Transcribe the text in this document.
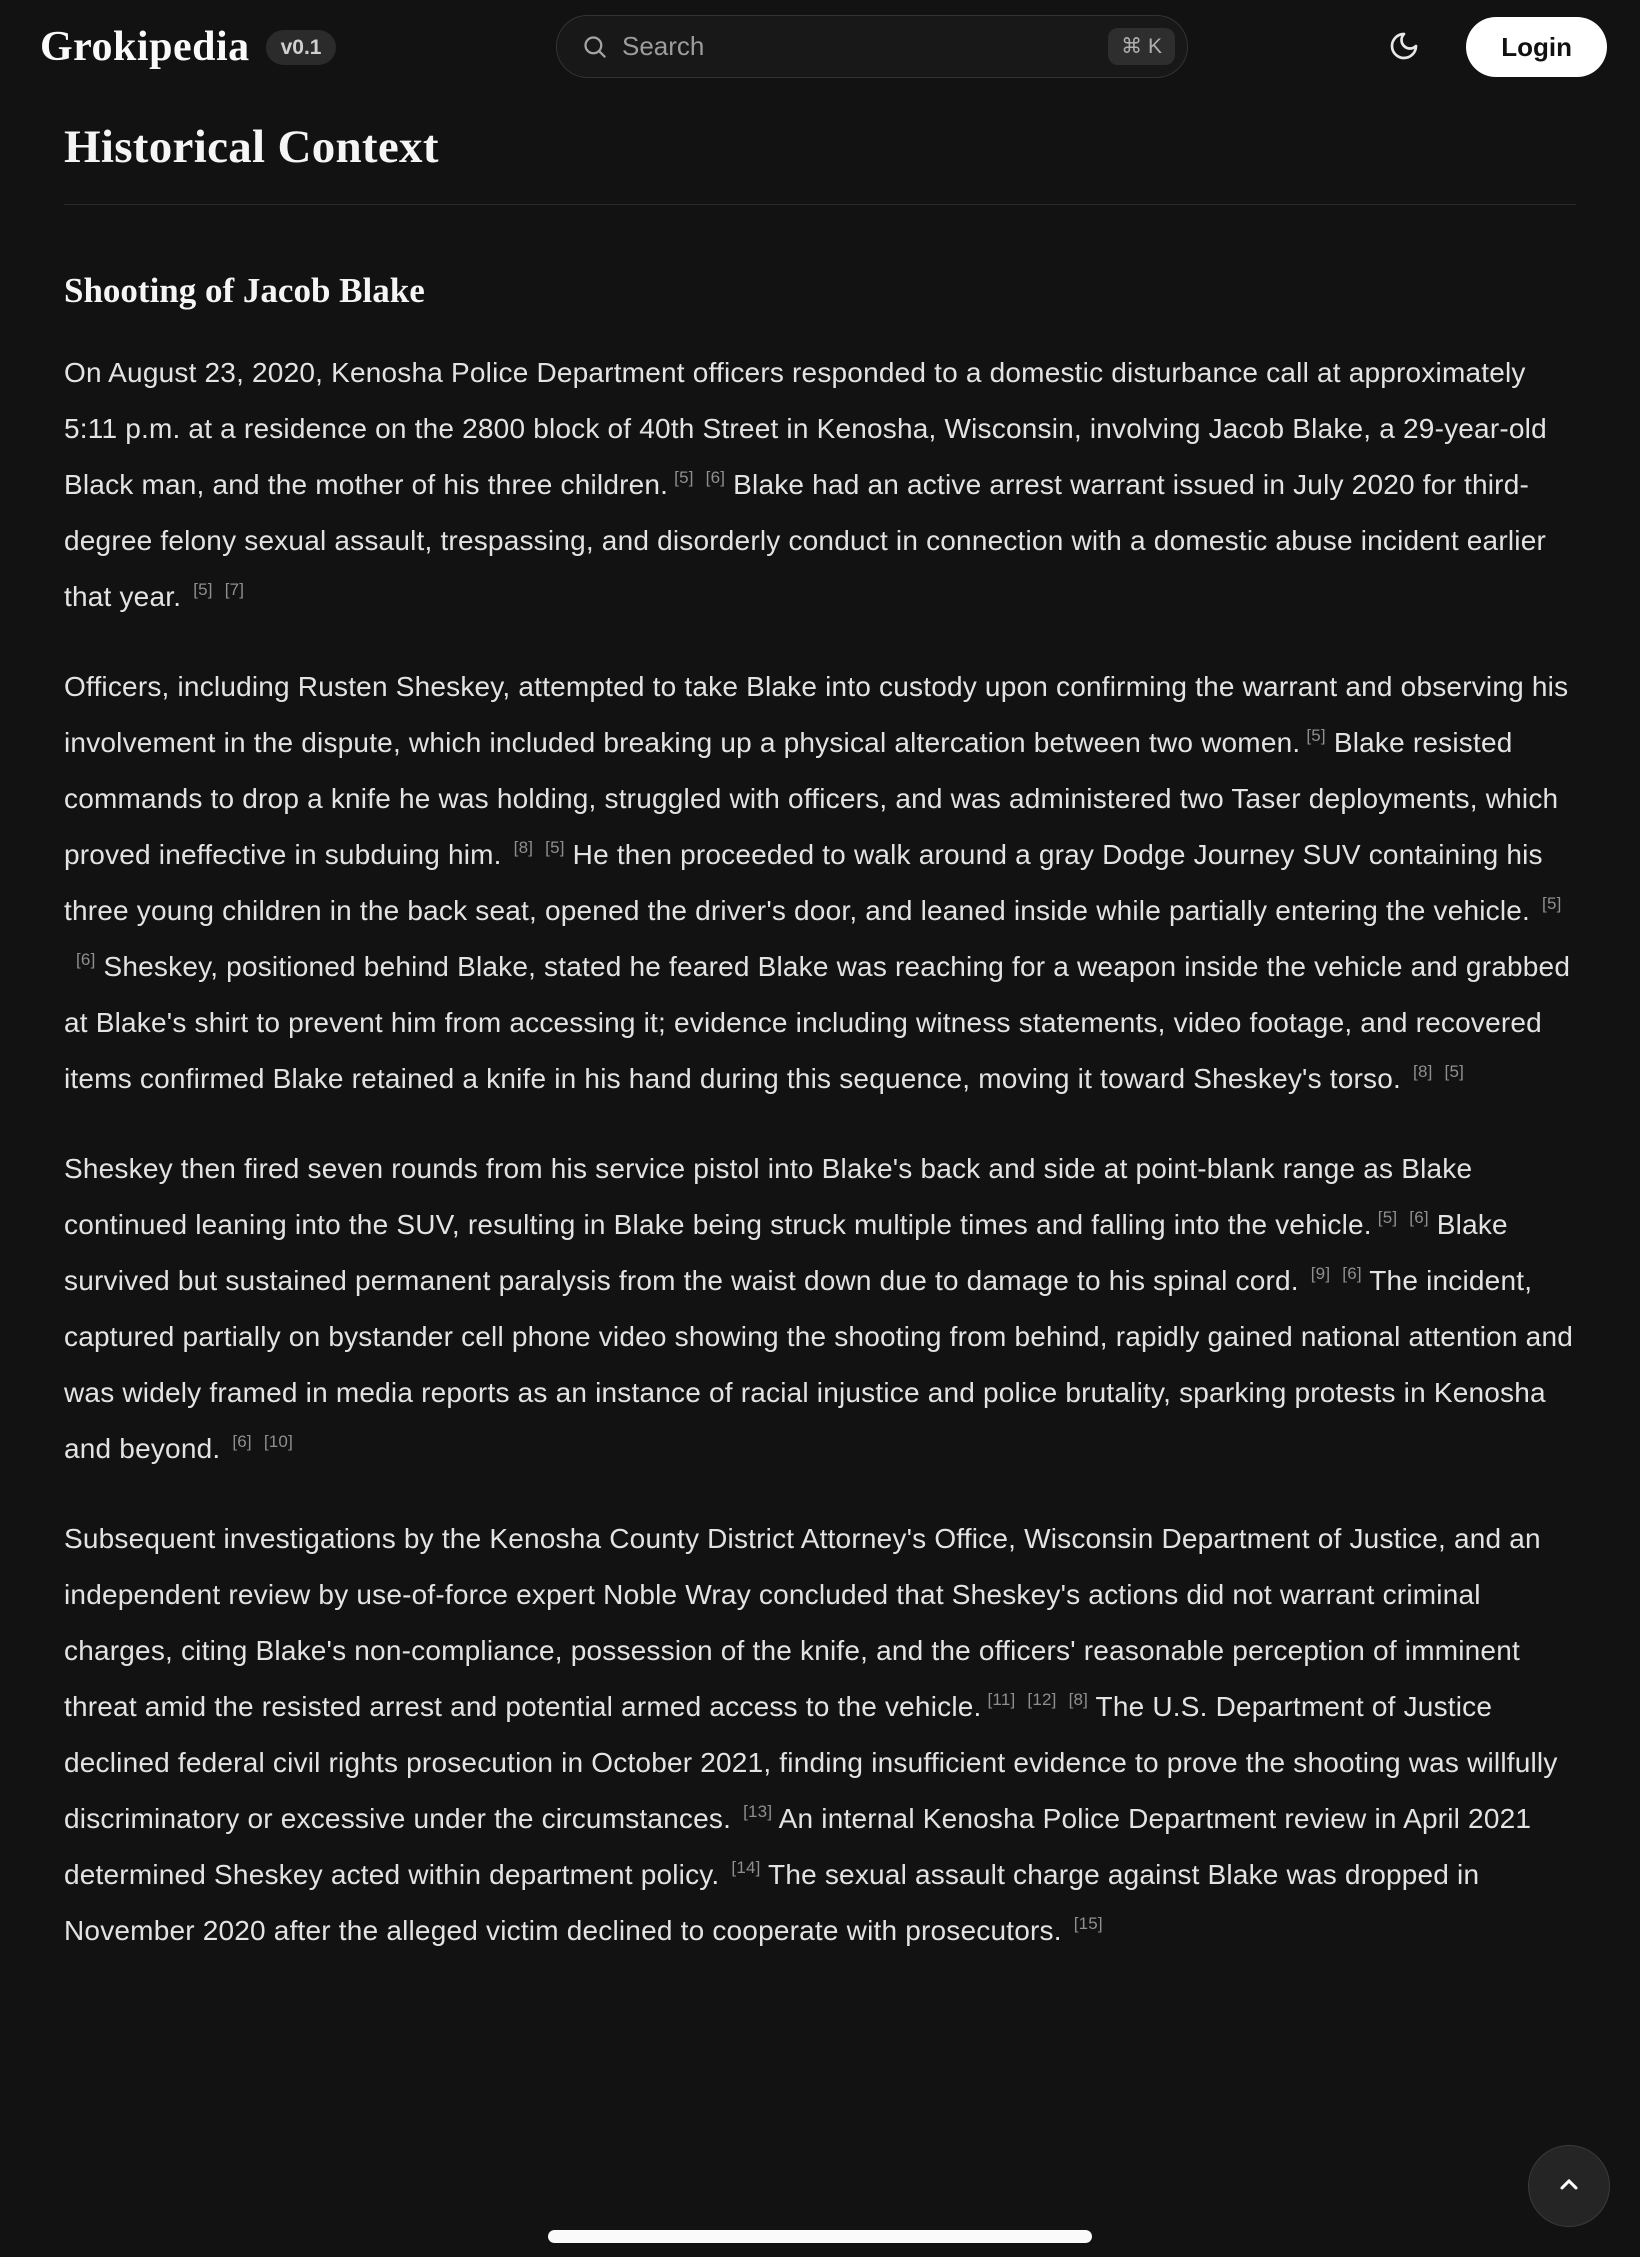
Grokipedia	v0.1
Search	⌘ K	Login
Historical Context
Shooting of Jacob Blake

On August 23, 2020, Kenosha Police Department officers responded to a domestic disturbance call at approximately 5:11 p.m. at a residence on the 2800 block of 40th Street in Kenosha, Wisconsin, involving Jacob Blake, a 29-year-old Black man, and the mother of his three children. [5] [6] Blake had an active arrest warrant issued in July 2020 for third-degree felony sexual assault, trespassing, and disorderly conduct in connection with a domestic abuse incident earlier that year. [5] [7]

Officers, including Rusten Sheskey, attempted to take Blake into custody upon confirming the warrant and observing his involvement in the dispute, which included breaking up a physical altercation between two women. [5] Blake resisted commands to drop a knife he was holding, struggled with officers, and was administered two Taser deployments, which proved ineffective in subduing him. [8] [5] He then proceeded to walk around a gray Dodge Journey SUV containing his three young children in the back seat, opened the driver's door, and leaned inside while partially entering the vehicle. [5][6] Sheskey, positioned behind Blake, stated he feared Blake was reaching for a weapon inside the vehicle and grabbed at Blake's shirt to prevent him from accessing it; evidence including witness statements, video footage, and recovered items confirmed Blake retained a knife in his hand during this sequence, moving it toward Sheskey's torso. [8] [5]

Sheskey then fired seven rounds from his service pistol into Blake's back and side at point-blank range as Blake continued leaning into the SUV, resulting in Blake being struck multiple times and falling into the vehicle. [5] [6] Blake survived but sustained permanent paralysis from the waist down due to damage to his spinal cord. [9] [6] The incident, captured partially on bystander cell phone video showing the shooting from behind, rapidly gained national attention and was widely framed in media reports as an instance of racial injustice and police brutality, sparking protests in Kenosha and beyond. [6] [10]

Subsequent investigations by the Kenosha County District Attorney's Office, Wisconsin Department of Justice, and an independent review by use-of-force expert Noble Wray concluded that Sheskey's actions did not warrant criminal charges, citing Blake's non-compliance, possession of the knife, and the officers' reasonable perception of imminent threat amid the resisted arrest and potential armed access to the vehicle. [11] [12] [8] The U.S. Department of Justice declined federal civil rights prosecution in October 2021, finding insufficient evidence to prove the shooting was willfully discriminatory or excessive under the circumstances. [13] An internal Kenosha Police Department review in April 2021 determined Sheskey acted within department policy. [14] The sexual assault charge against Blake was dropped in November 2020 after the alleged victim declined to cooperate with prosecutors. [15]
